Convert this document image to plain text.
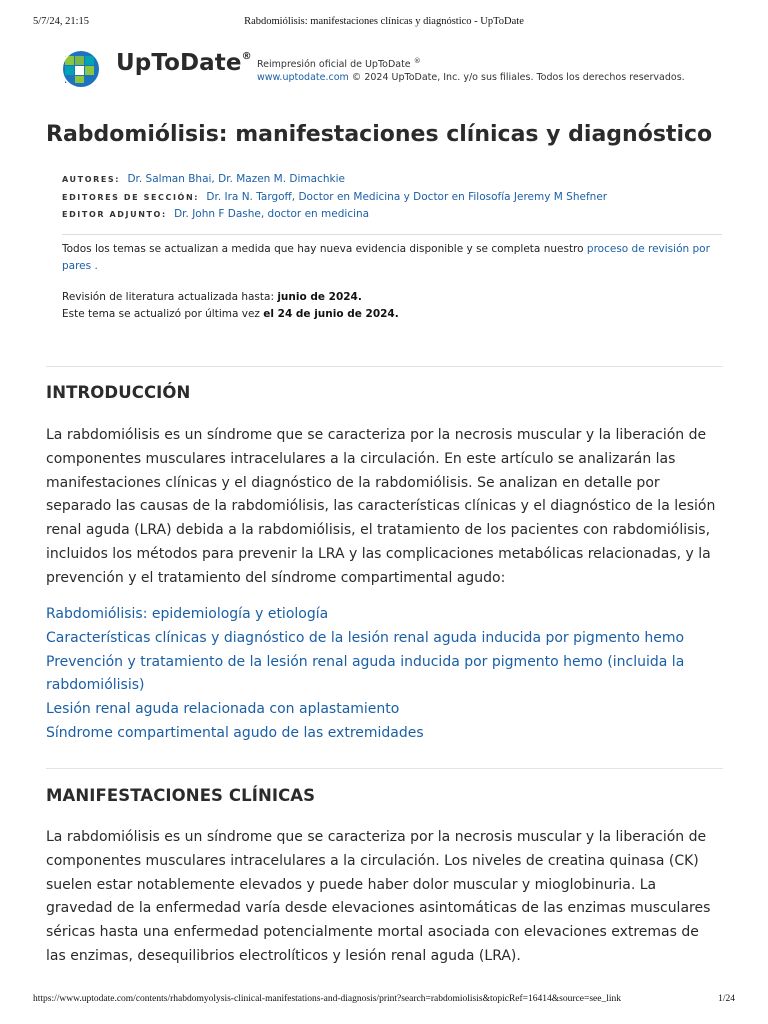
5/7/24, 21:15	Rabdomiólisis: manifestaciones clínicas y diagnóstico - UpToDate
UpToDate®
Reimpresión oficial de UpToDate ®
www.uptodate.com © 2024 UpToDate, Inc. y/o sus filiales. Todos los derechos reservados.
Rabdomiólisis: manifestaciones clínicas y diagnóstico
AUTORES: Dr. Salman Bhai, Dr. Mazen M. Dimachkie
EDITORES DE SECCIÓN: Dr. Ira N. Targoff, Doctor en Medicina y Doctor en Filosofía Jeremy M Shefner
EDITOR ADJUNTO: Dr. John F Dashe, doctor en medicina
Todos los temas se actualizan a medida que hay nueva evidencia disponible y se completa nuestro proceso de revisión por pares .
Revisión de literatura actualizada hasta: junio de 2024.
Este tema se actualizó por última vez el 24 de junio de 2024.
INTRODUCCIÓN

La rabdomiólisis es un síndrome que se caracteriza por la necrosis muscular y la liberación de componentes musculares intracelulares a la circulación. En este artículo se analizarán las manifestaciones clínicas y el diagnóstico de la rabdomiólisis. Se analizan en detalle por separado las causas de la rabdomiólisis, las características clínicas y el diagnóstico de la lesión renal aguda (LRA) debida a la rabdomiólisis, el tratamiento de los pacientes con rabdomiólisis, incluidos los métodos para prevenir la LRA y las complicaciones metabólicas relacionadas, y la prevención y el tratamiento del síndrome compartimental agudo:

Rabdomiólisis: epidemiología y etiología
Características clínicas y diagnóstico de la lesión renal aguda inducida por pigmento hemo
Prevención y tratamiento de la lesión renal aguda inducida por pigmento hemo (incluida la rabdomiólisis)
Lesión renal aguda relacionada con aplastamiento
Síndrome compartimental agudo de las extremidades
MANIFESTACIONES CLÍNICAS

La rabdomiólisis es un síndrome que se caracteriza por la necrosis muscular y la liberación de componentes musculares intracelulares a la circulación. Los niveles de creatina quinasa (CK) suelen estar notablemente elevados y puede haber dolor muscular y mioglobinuria. La gravedad de la enfermedad varía desde elevaciones asintomáticas de las enzimas musculares séricas hasta una enfermedad potencialmente mortal asociada con elevaciones extremas de las enzimas, desequilibrios electrolíticos y lesión renal aguda (LRA).

https://www.uptodate.com/contents/rhabdomyolysis-clinical-manifestations-and-diagnosis/print?search=rabdomiolisis&topicRef=16414&source=see_link	1/24
